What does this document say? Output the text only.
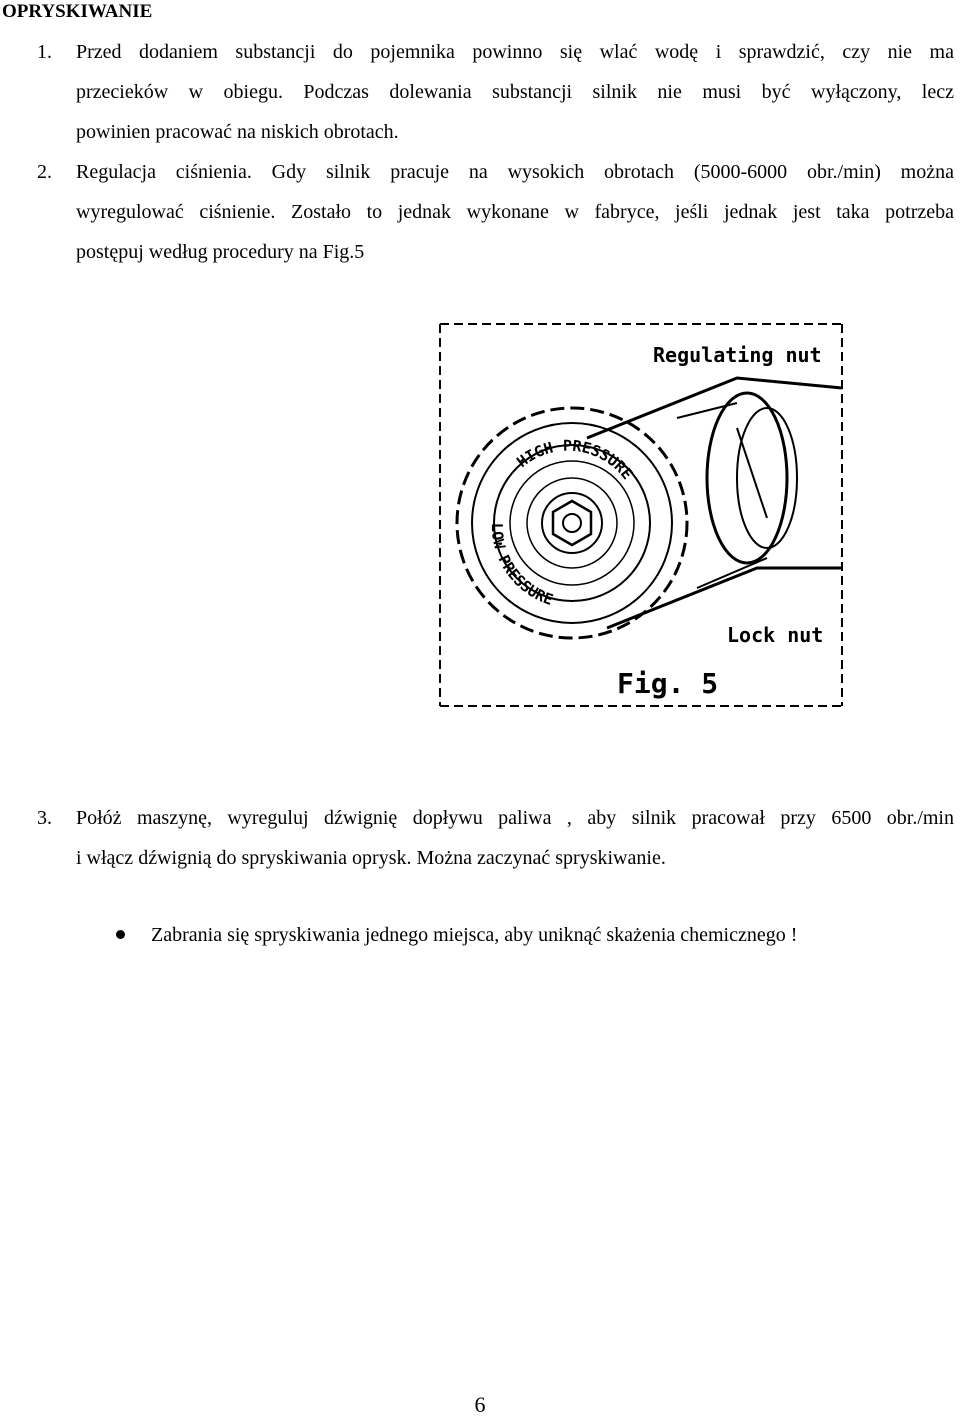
OPRYSKIWANIE
1. Przed dodaniem substancji do pojemnika powinno się wlać wodę i sprawdzić, czy nie ma
przecieków w obiegu. Podczas dolewania substancji silnik nie musi być wyłączony, lecz
powinien pracować na niskich obrotach.
2. Regulacja ciśnienia. Gdy silnik pracuje na wysokich obrotach (5000-6000 obr./min) można
wyregulować ciśnienie. Zostało to jednak wykonane w fabryce, jeśli jednak jest taka potrzeba
postępuj według procedury na Fig.5
HIGH PRESSURE
LOW PRESSURE
Regulating nut
Lock nut
Fig. 5
3. Połóż maszynę, wyreguluj dźwignię dopływu paliwa , aby silnik pracował przy 6500 obr./min
i włącz dźwignią do spryskiwania oprysk. Można zaczynać spryskiwanie.
Zabrania się spryskiwania jednego miejsca, aby uniknąć skażenia chemicznego !
6
